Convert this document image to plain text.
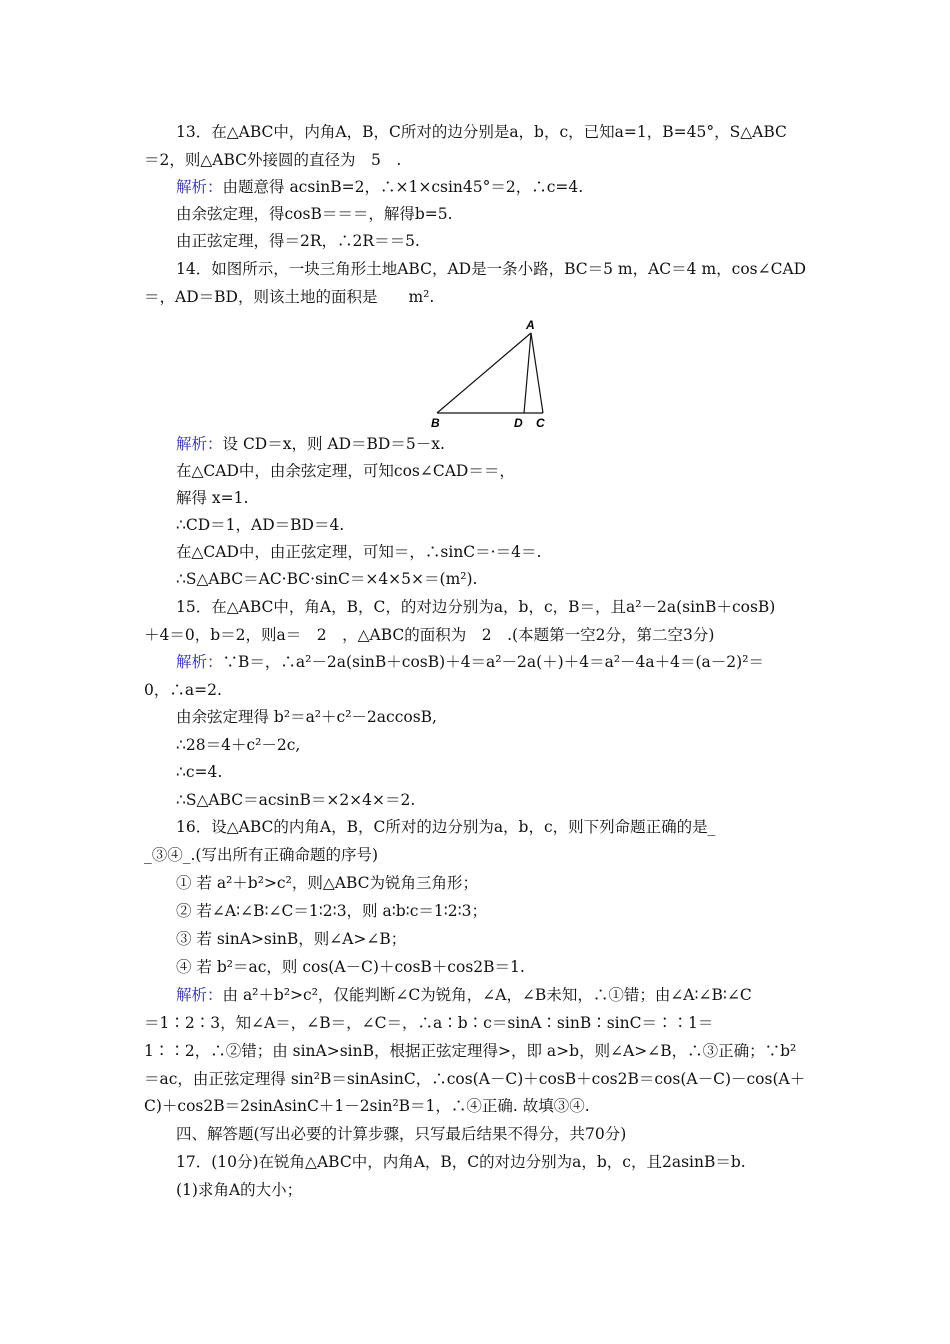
13．在△ABC中，内角A，B，C所对的边分别是a，b，c，已知a=1，B=45°，S△ABC
＝2，则△ABC外接圆的直径为　5　.
解析：由题意得 acsinB=2，∴×1×csin45°＝2，∴c=4.
由余弦定理，得cosB＝＝＝，解得b=5.
由正弦定理，得＝2R，∴2R＝＝5.
14．如图所示，一块三角形土地ABC，AD是一条小路，BC＝5 m，AC＝4 m，cos∠CAD
＝，AD＝BD，则该土地的面积是　　m².
解析：设 CD＝x，则 AD＝BD＝5－x.
在△CAD中，由余弦定理，可知cos∠CAD＝＝，
解得 x=1.
∴CD＝1，AD＝BD＝4.
在△CAD中，由正弦定理，可知＝，∴sinC＝·＝4＝.
∴S△ABC＝AC·BC·sinC＝×4×5×＝(m²).
15．在△ABC中，角A，B，C，的对边分别为a，b，c，B＝，且a²－2a(sinB＋cosB)
＋4＝0，b＝2，则a＝　2　，△ABC的面积为　2　.(本题第一空2分，第二空3分)
解析：∵B＝，∴a²－2a(sinB＋cosB)＋4＝a²－2a(＋)＋4＝a²－4a＋4＝(a－2)²＝
0，∴a=2.
由余弦定理得 b²＝a²＋c²－2accosB,
∴28＝4＋c²－2c,
∴c=4.
∴S△ABC＝acsinB＝×2×4×＝2.
16．设△ABC的内角A，B，C所对的边分别为a，b，c，则下列命题正确的是_
_③④_.(写出所有正确命题的序号)
① 若 a²＋b²>c²，则△ABC为锐角三角形；
② 若∠A∶∠B∶∠C＝1∶2∶3，则 a∶b∶c＝1∶2∶3；
③ 若 sinA>sinB，则∠A>∠B；
④ 若 b²＝ac，则 cos(A－C)＋cosB＋cos2B＝1.
解析：由 a²＋b²>c²，仅能判断∠C为锐角，∠A，∠B未知，∴①错；由∠A∶∠B∶∠C
＝1∶2∶3，知∠A＝，∠B＝，∠C＝，∴a∶b∶c＝sinA∶sinB∶sinC＝∶∶1＝
1∶∶2，∴②错；由 sinA>sinB，根据正弦定理得>，即 a>b，则∠A>∠B，∴③正确；∵b²
＝ac，由正弦定理得 sin²B＝sinAsinC，∴cos(A－C)＋cosB＋cos2B＝cos(A－C)－cos(A＋
C)＋cos2B＝2sinAsinC＋1－2sin²B＝1，∴④正确. 故填③④.
四、解答题(写出必要的计算步骤，只写最后结果不得分，共70分)
17．(10分)在锐角△ABC中，内角A，B，C的对边分别为a，b，c，且2asinB＝b.
(1)求角A的大小；
A
B	D C
